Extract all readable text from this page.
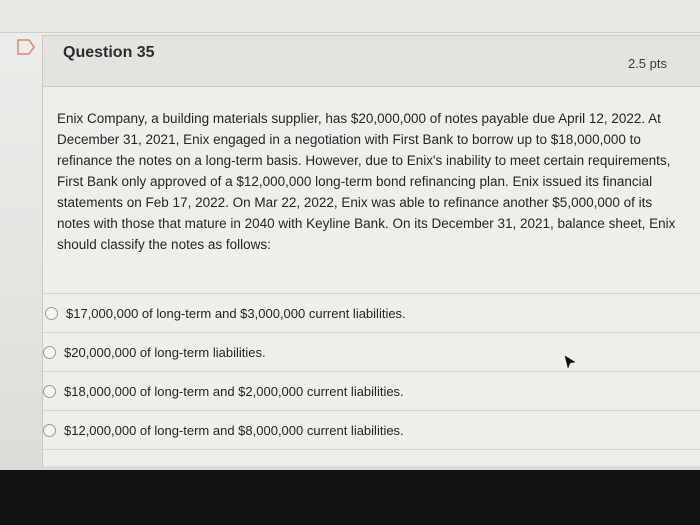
Question 35
2.5 pts
Enix Company, a building materials supplier, has $20,000,000 of notes payable due April 12, 2022. At December 31, 2021, Enix engaged in a negotiation with First Bank to borrow up to $18,000,000 to refinance the notes on a long-term basis. However, due to Enix's inability to meet certain requirements, First Bank only approved of a $12,000,000 long-term bond refinancing plan. Enix issued its financial statements on Feb 17, 2022. On Mar 22, 2022, Enix was able to refinance another $5,000,000 of its notes with those that mature in 2040 with Keyline Bank. On its December 31, 2021, balance sheet, Enix should classify the notes as follows:
$17,000,000 of long-term and $3,000,000 current liabilities.
$20,000,000 of long-term liabilities.
$18,000,000 of long-term and $2,000,000 current liabilities.
$12,000,000 of long-term and $8,000,000 current liabilities.
